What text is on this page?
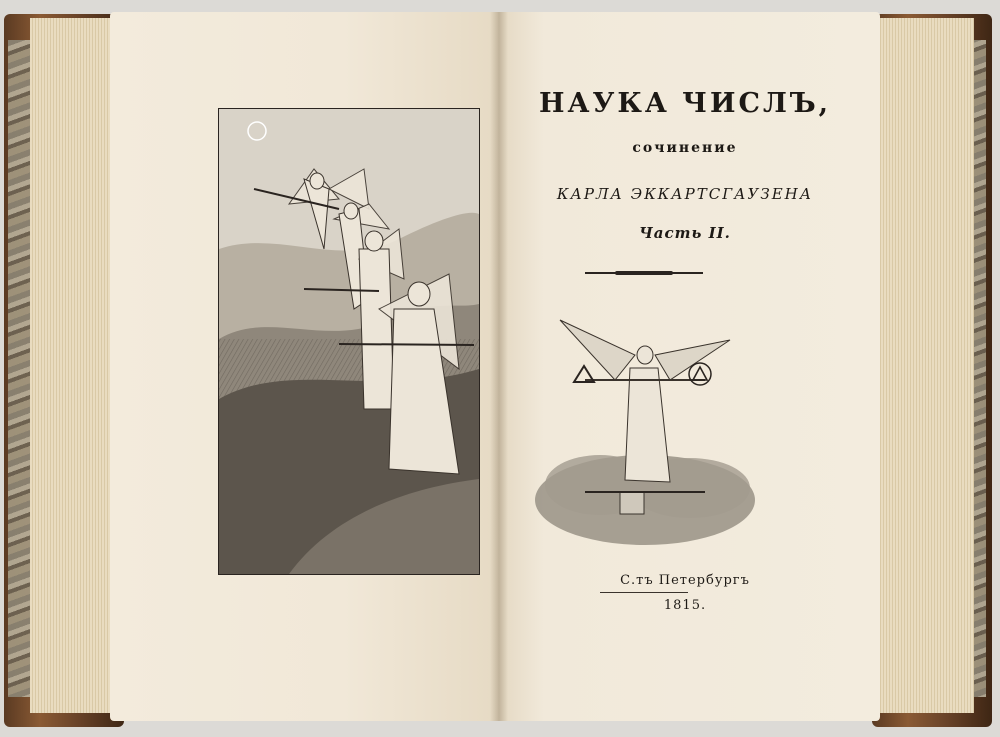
НАУКА ЧИСЛЪ,
сочинение
КАРЛА ЭККАРТСГАУЗЕНА
Часть II.
С.тъ Петербургъ
1815.
